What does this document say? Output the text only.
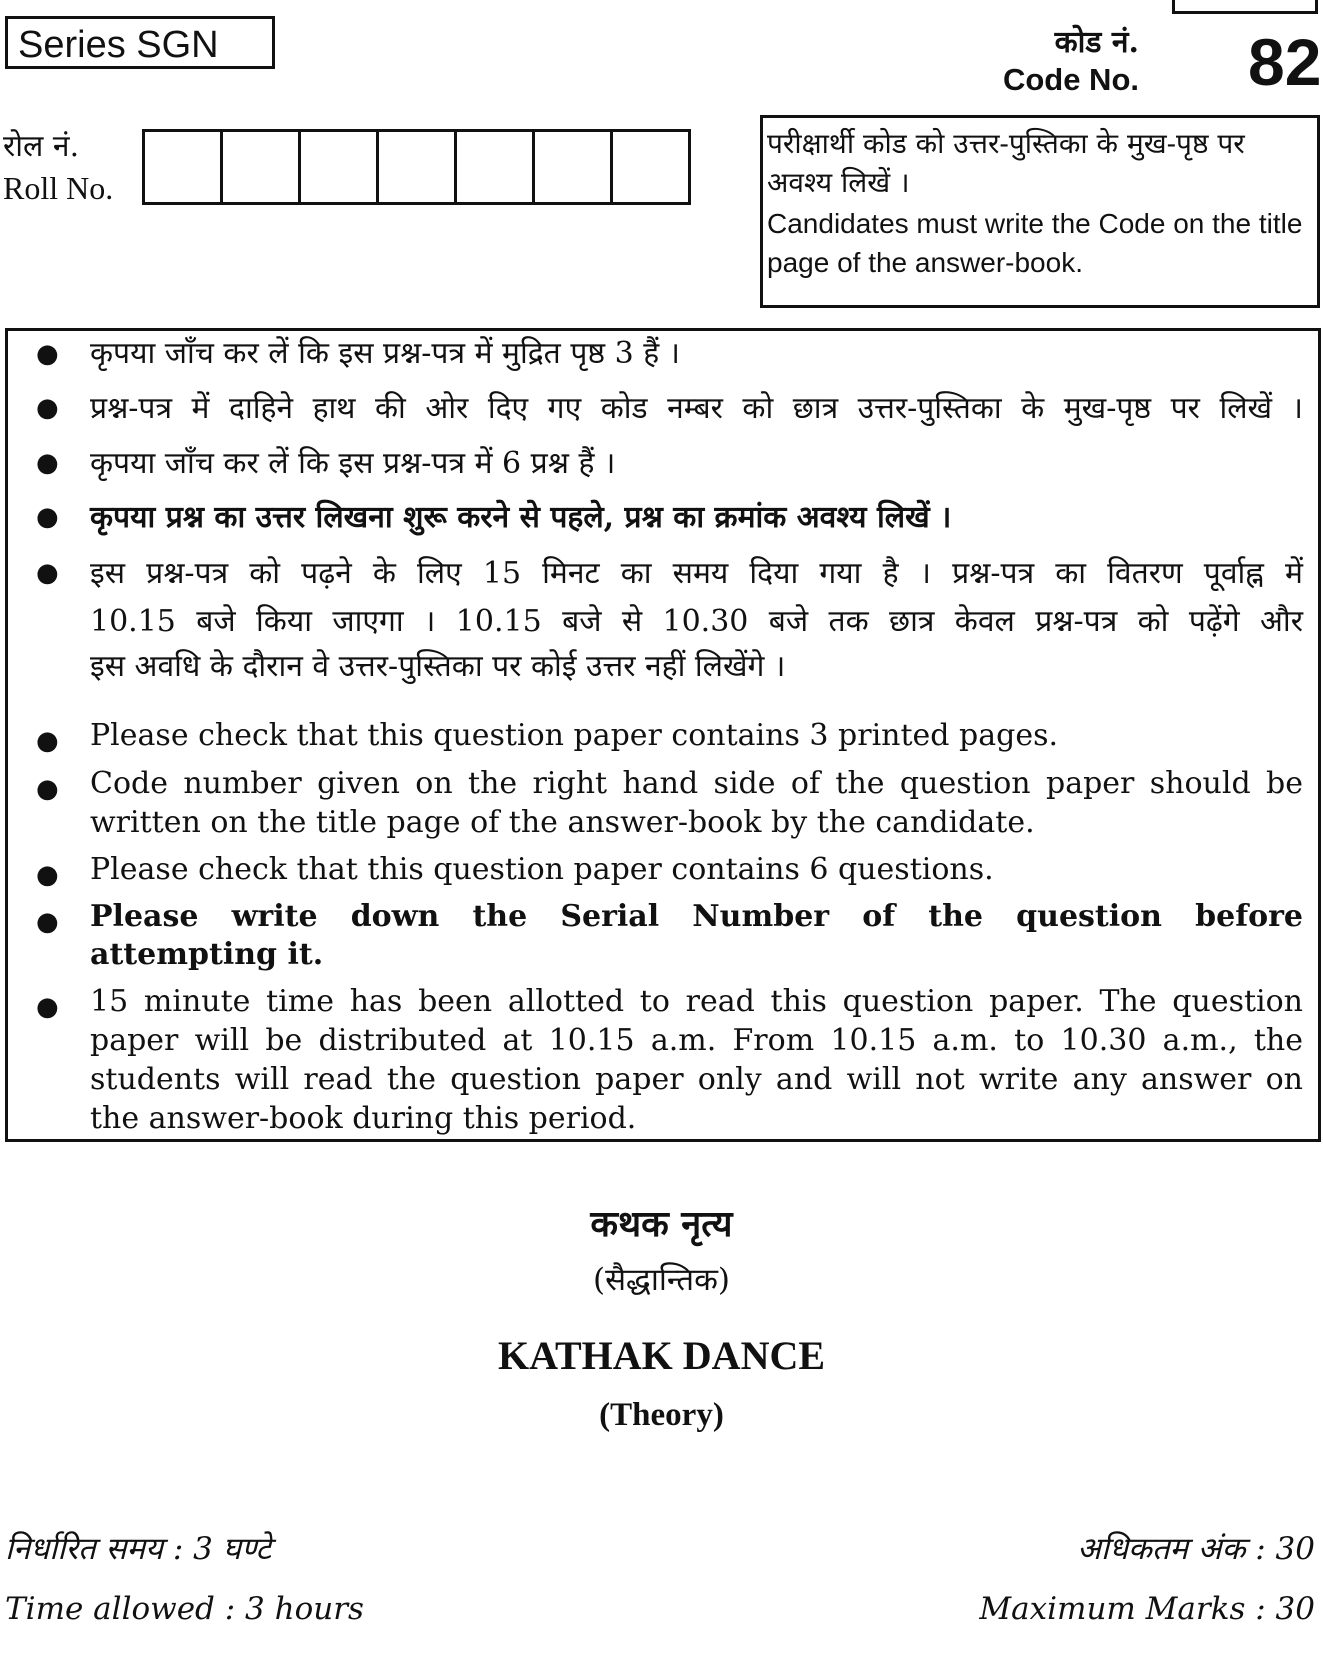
Series SGN	कोड नं.
Code No. 82
रोल नं.
Roll No.
परीक्षार्थी कोड को उत्तर-पुस्तिका के मुख-पृष्ठ पर अवश्य लिखें ।
Candidates must write the Code on the title page of the answer-book.
● कृपया जाँच कर लें कि इस प्रश्न-पत्र में मुद्रित पृष्ठ 3 हैं ।
● प्रश्न-पत्र में दाहिने हाथ की ओर दिए गए कोड नम्बर को छात्र उत्तर-पुस्तिका के मुख-पृष्ठ पर लिखें ।
● कृपया जाँच कर लें कि इस प्रश्न-पत्र में 6 प्रश्न हैं ।
● कृपया प्रश्न का उत्तर लिखना शुरू करने से पहले, प्रश्न का क्रमांक अवश्य लिखें ।
● इस प्रश्न-पत्र को पढ़ने के लिए 15 मिनट का समय दिया गया है । प्रश्न-पत्र का वितरण पूर्वाह्न में
10.15 बजे किया जाएगा । 10.15 बजे से 10.30 बजे तक छात्र केवल प्रश्न-पत्र को पढ़ेंगे और
इस अवधि के दौरान वे उत्तर-पुस्तिका पर कोई उत्तर नहीं लिखेंगे ।
● Please check that this question paper contains 3 printed pages.
● Code number given on the right hand side of the question paper should be
written on the title page of the answer-book by the candidate.
● Please check that this question paper contains 6 questions.
● Please write down the Serial Number of the question before
attempting it.
● 15 minute time has been allotted to read this question paper. The question
paper will be distributed at 10.15 a.m. From 10.15 a.m. to 10.30 a.m., the
students will read the question paper only and will not write any answer on
the answer-book during this period.
कथक नृत्य
(सैद्धान्तिक)
KATHAK DANCE
(Theory)
निर्धारित समय : 3 घण्टे	अधिकतम अंक : 30
Time allowed : 3 hours	Maximum Marks : 30
